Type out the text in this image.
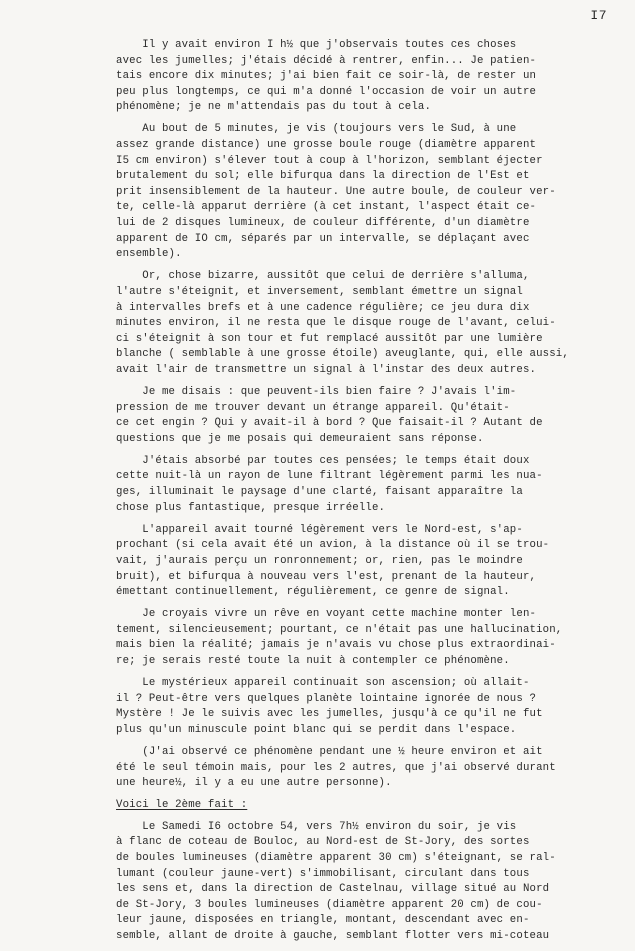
I7

Il y avait environ I h½ que j'observais toutes ces choses
avec les jumelles; j'étais décidé à rentrer, enfin... Je patien-
tais encore dix minutes; j'ai bien fait ce soir-là, de rester un
peu plus longtemps, ce qui m'a donné l'occasion de voir un autre
phénomène; je ne m'attendais pas du tout à cela.

Au bout de 5 minutes, je vis (toujours vers le Sud, à une
assez grande distance) une grosse boule rouge (diamètre apparent
I5 cm environ) s'élever tout à coup à l'horizon, semblant éjecter
brutalement du sol; elle bifurqua dans la direction de l'Est et
prit insensiblement de la hauteur. Une autre boule, de couleur ver-
te, celle-là apparut derrière (à cet instant, l'aspect était ce-
lui de 2 disques lumineux, de couleur différente, d'un diamètre
apparent de IO cm, séparés par un intervalle, se déplaçant avec
ensemble).

Or, chose bizarre, aussitôt que celui de derrière s'alluma,
l'autre s'éteignit, et inversement, semblant émettre un signal
à intervalles brefs et à une cadence régulière; ce jeu dura dix
minutes environ, il ne resta que le disque rouge de l'avant, celui-
ci s'éteignit à son tour et fut remplacé aussitôt par une lumière
blanche ( semblable à une grosse étoile) aveuglante, qui, elle aussi,
avait l'air de transmettre un signal à l'instar des deux autres.

Je me disais : que peuvent-ils bien faire ? J'avais l'im-
pression de me trouver devant un étrange appareil. Qu'était-
ce cet engin ? Qui y avait-il à bord ? Que faisait-il ? Autant de
questions que je me posais qui demeuraient sans réponse.

J'étais absorbé par toutes ces pensées; le temps était doux
cette nuit-là un rayon de lune filtrant légèrement parmi les nua-
ges, illuminait le paysage d'une clarté, faisant apparaître la
chose plus fantastique, presque irréelle.

L'appareil avait tourné légèrement vers le Nord-est, s'ap-
prochant (si cela avait été un avion, à la distance où il se trou-
vait, j'aurais perçu un ronronnement; or, rien, pas le moindre
bruit), et bifurqua à nouveau vers l'est, prenant de la hauteur,
émettant continuellement, régulièrement, ce genre de signal.

Je croyais vivre un rêve en voyant cette machine monter len-
tement, silencieusement; pourtant, ce n'était pas une hallucination,
mais bien la réalité; jamais je n'avais vu chose plus extraordinai-
re; je serais resté toute la nuit à contempler ce phénomène.

Le mystérieux appareil continuait son ascension; où allait-
il ? Peut-être vers quelques planète lointaine ignorée de nous ?
Mystère ! Je le suivis avec les jumelles, jusqu'à ce qu'il ne fut
plus qu'un minuscule point blanc qui se perdit dans l'espace.

(J'ai observé ce phénomène pendant une ½ heure environ et ait
été le seul témoin mais, pour les 2 autres, que j'ai observé durant
une heure½, il y a eu une autre personne).

Voici le 2ème fait :

Le Samedi I6 octobre 54, vers 7h½ environ du soir, je vis
à flanc de coteau de Bouloc, au Nord-est de St-Jory, des sortes
de boules lumineuses (diamètre apparent 30 cm) s'éteignant, se ral-
lumant (couleur jaune-vert) s'immobilisant, circulant dans tous
les sens et, dans la direction de Castelnau, village situé au Nord
de St-Jory, 3 boules lumineuses (diamètre apparent 20 cm) de cou-
leur jaune, disposées en triangle, montant, descendant avec en-
semble, allant de droite à gauche, semblant flotter vers mi-coteau
